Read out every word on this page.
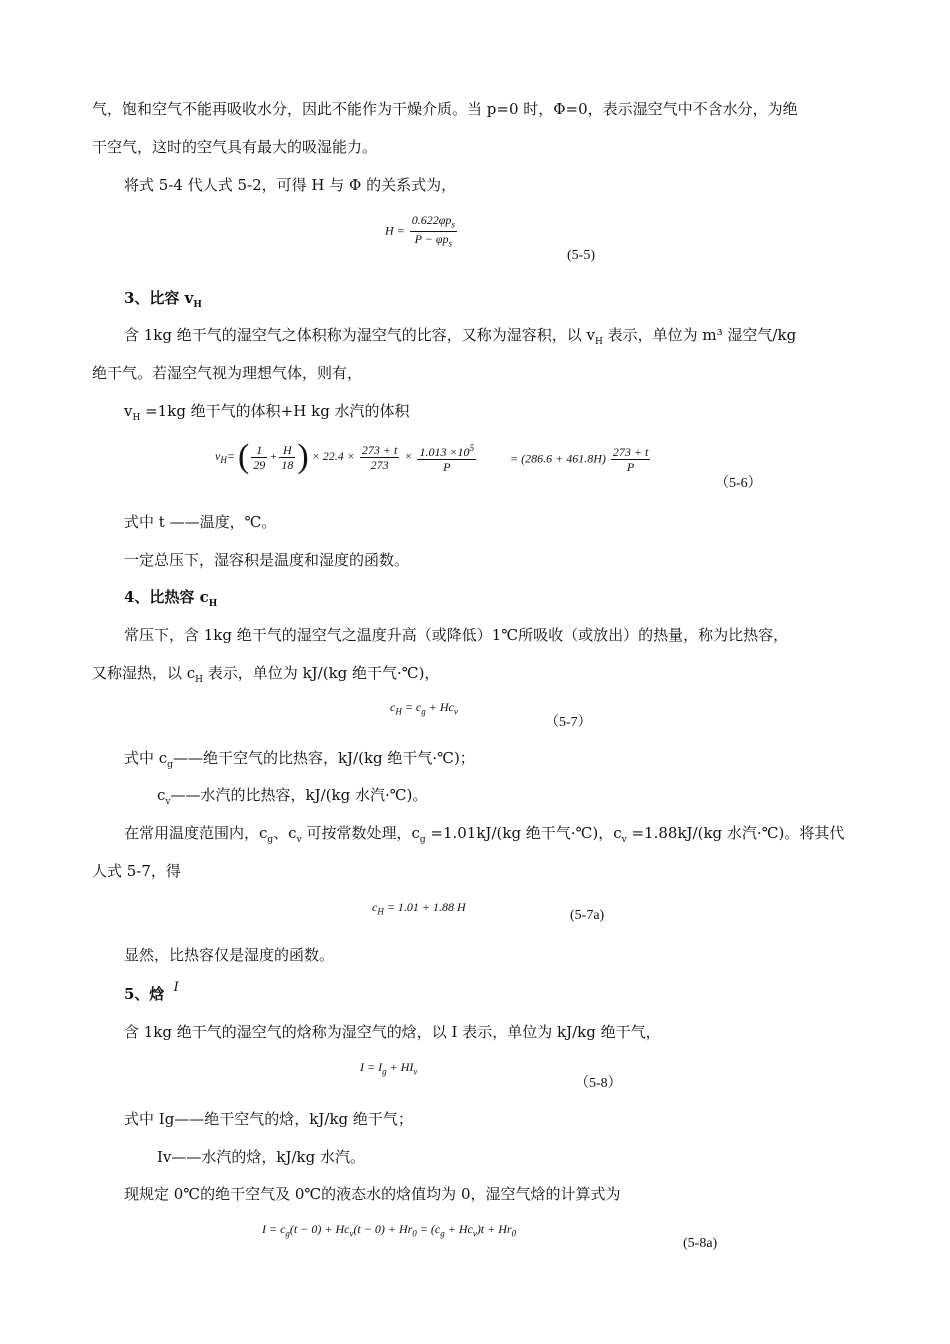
气，饱和空气不能再吸收水分，因此不能作为干燥介质。当 p=0 时，Φ=0，表示湿空气中不含水分，为绝
干空气，这时的空气具有最大的吸湿能力。
将式 5-4 代人式 5-2，可得 H 与 Φ 的关系式为，
$H = \frac{0.622\varphi p_s}{P - \varphi p_s}$
(5-5)
3、比容 $v_H$
含 1kg 绝干气的湿空气之体积称为湿空气的比容，又称为湿容积，以 $v_H$ 表示，单位为 m³ 湿空气/kg
绝干气。若湿空气视为理想气体，则有，
$v_H =1kg$ 绝干气的体积+H kg 水汽的体积
$v_H=$ ( $\frac{1}{29} + \frac{H}{18}$ ) × $22.4 \times \frac{273 + t}{273} \times \frac{1.013 \times 10^5}{P}$	= $(286.6 + 461.8H) \frac{273 + t}{P}$
（5-6）
式中 t ——温度，℃。
一定总压下，湿容积是温度和湿度的函数。
4、比热容 $c_H$
常压下，含 1kg 绝干气的湿空气之温度升高（或降低）1℃所吸收（或放出）的热量，称为比热容，
又称湿热，以 $c_H$ 表示，单位为 kJ/(kg 绝干气·℃)，
$c_H = c_g + Hc_v$
（5-7）
式中 $c_g——$绝干空气的比热容，kJ/(kg 绝干气·℃)；
$c_v——$水汽的比热容，kJ/(kg 水汽·℃)。
在常用温度范围内，$c_g$、$c_v$ 可按常数处理，$c_g =1.01kJ/(kg$ 绝干气·℃)，$c_v =1.88kJ/(kg$ 水汽·℃)。将其代
人式 5-7，得
$c_H = 1.01 + 1.88$ H
(5-7a)
显然，比热容仅是湿度的函数。
5、焓 I
含 1kg 绝干气的湿空气的焓称为湿空气的焓，以 I 表示，单位为 kJ/kg 绝干气，
$I = I_g + HI_v$
（5-8）
式中 Ig——绝干空气的焓，kJ/kg 绝干气；
Iv——水汽的焓，kJ/kg 水汽。
现规定 0℃的绝干空气及 0℃的液态水的焓值均为 0，湿空气焓的计算式为
$I = c_g(t - 0) + Hc_v(t - 0) + Hr_0 = (c_g + Hc_v)t + Hr_0$
(5-8a)
